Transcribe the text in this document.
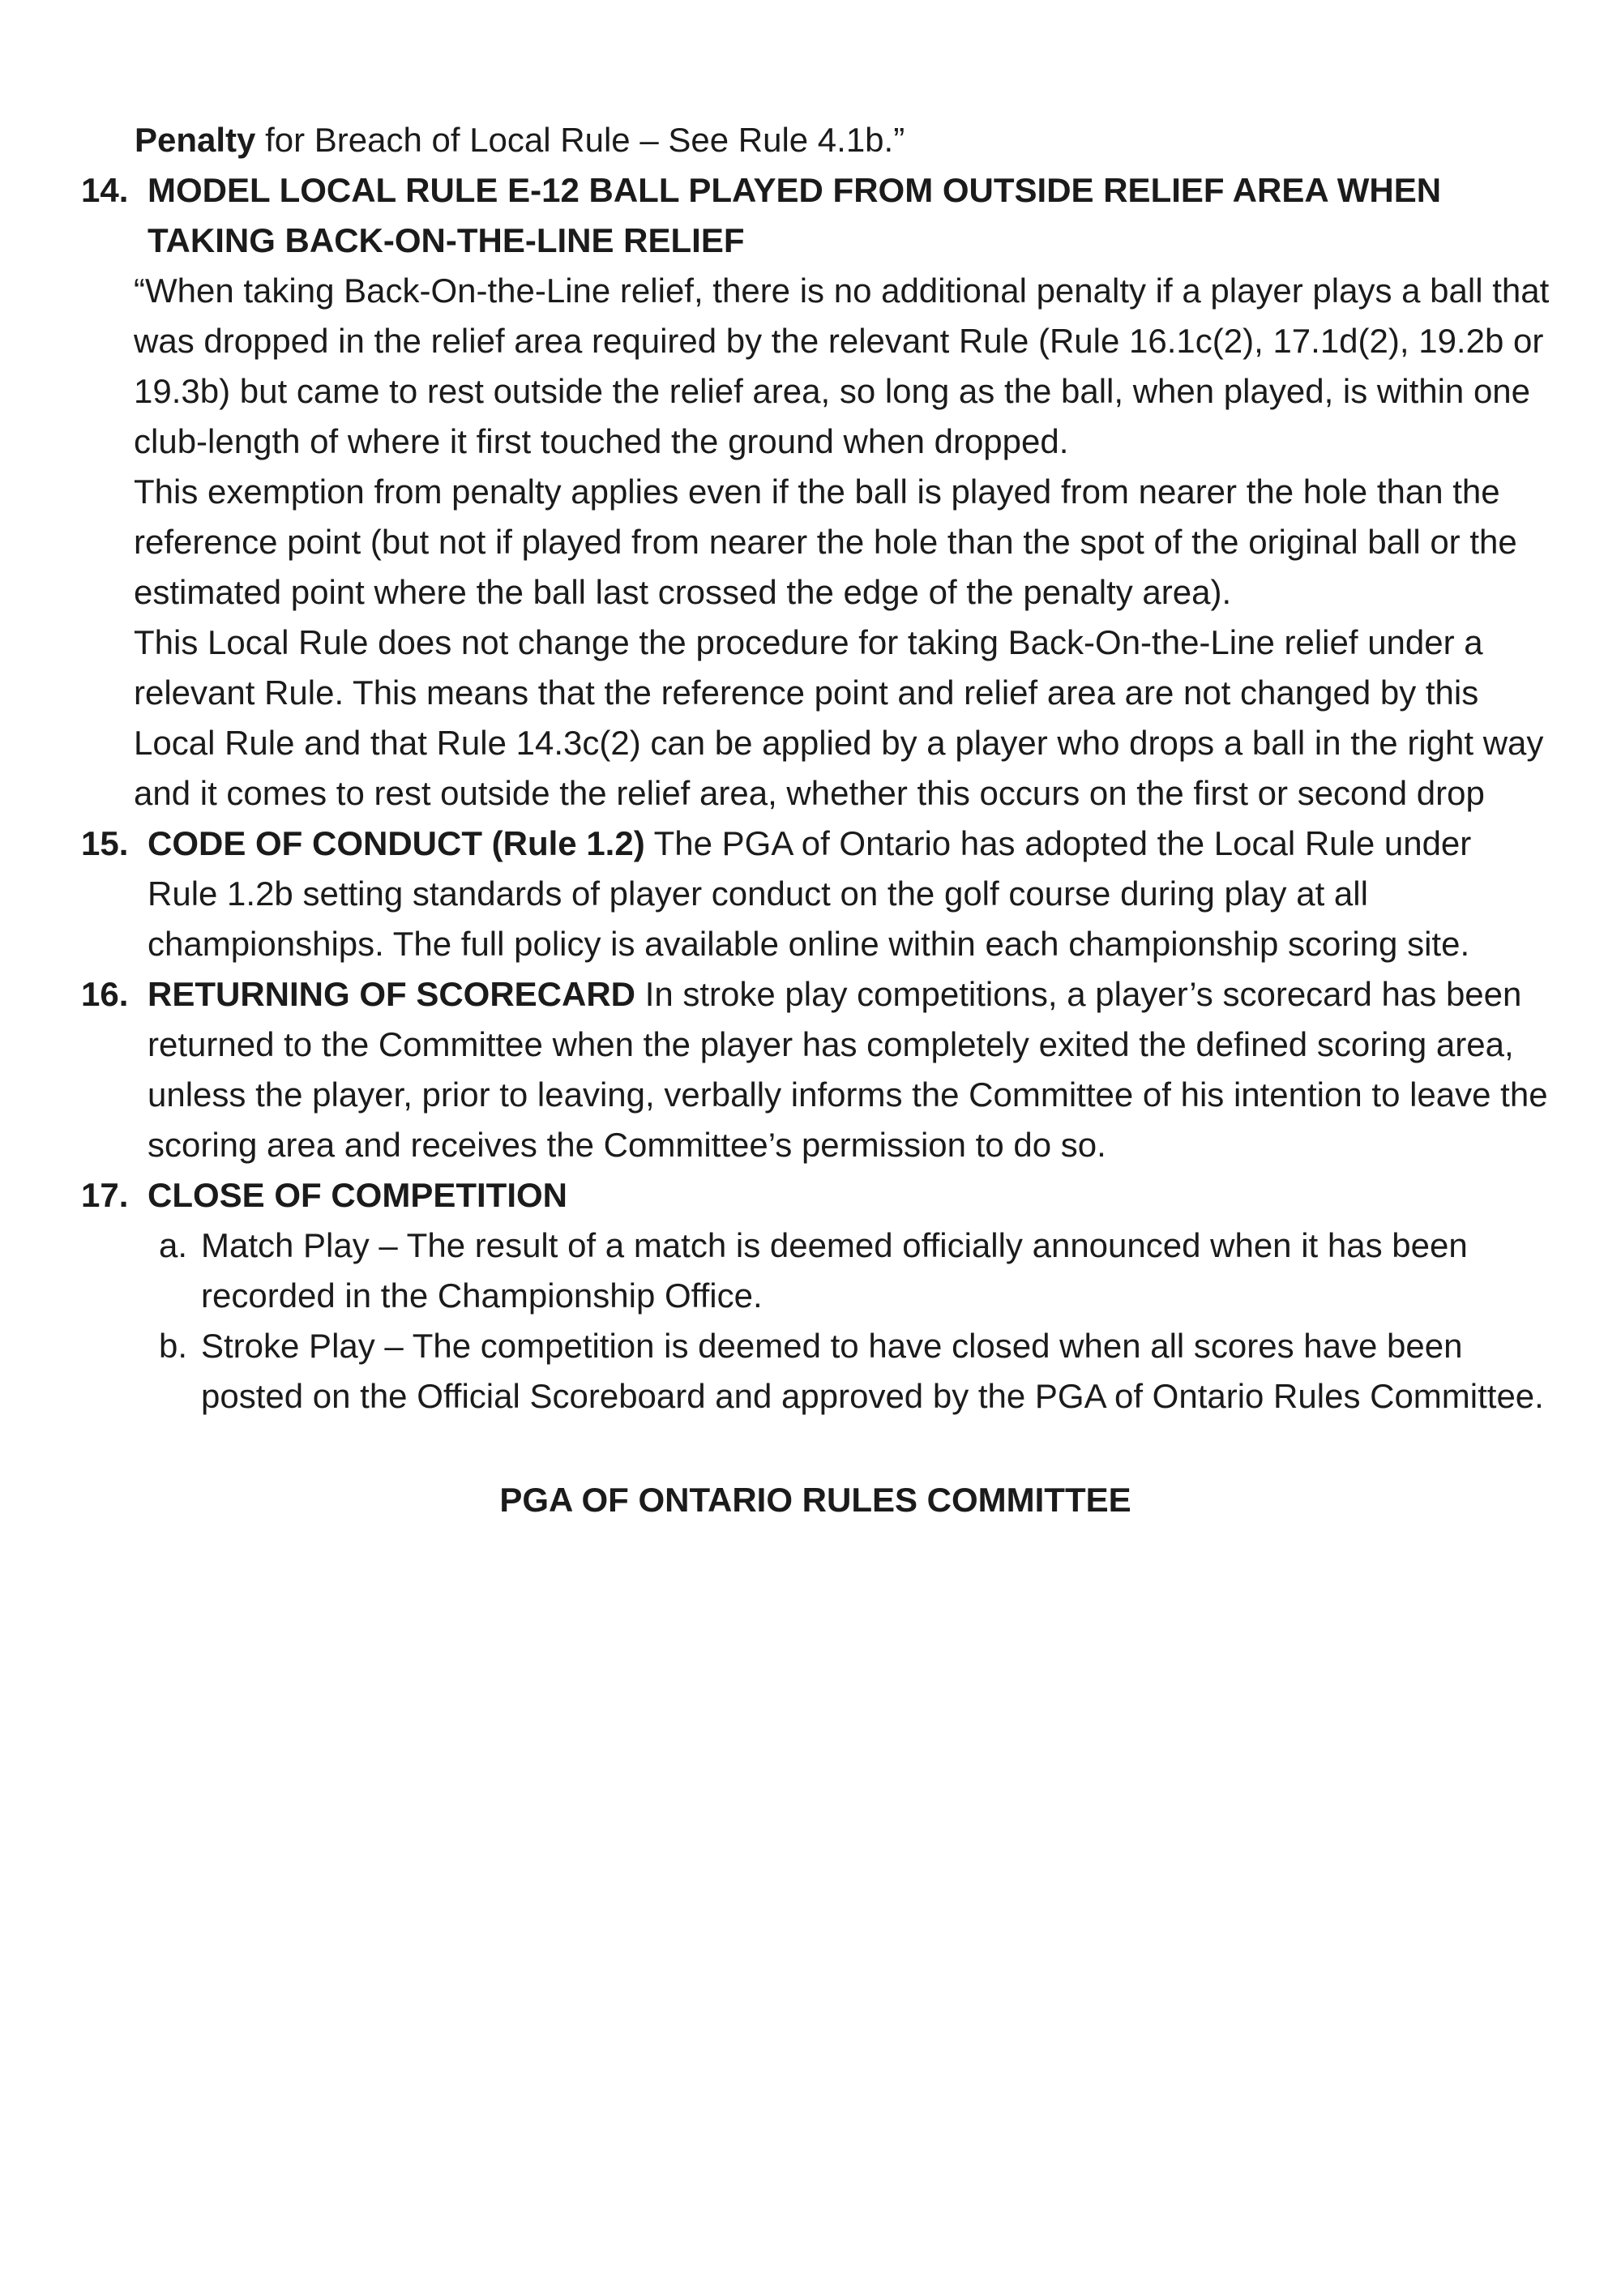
Penalty for Breach of Local Rule – See Rule 4.1b.”

14. MODEL LOCAL RULE E-12 BALL PLAYED FROM OUTSIDE RELIEF AREA WHEN TAKING BACK-ON-THE-LINE RELIEF

“When taking Back-On-the-Line relief, there is no additional penalty if a player plays a ball that was dropped in the relief area required by the relevant Rule (Rule 16.1c(2), 17.1d(2), 19.2b or 19.3b) but came to rest outside the relief area, so long as the ball, when played, is within one club-length of where it first touched the ground when dropped.

This exemption from penalty applies even if the ball is played from nearer the hole than the reference point (but not if played from nearer the hole than the spot of the original ball or the estimated point where the ball last crossed the edge of the penalty area).

This Local Rule does not change the procedure for taking Back-On-the-Line relief under a relevant Rule. This means that the reference point and relief area are not changed by this Local Rule and that Rule 14.3c(2) can be applied by a player who drops a ball in the right way and it comes to rest outside the relief area, whether this occurs on the first or second drop

15. CODE OF CONDUCT (Rule 1.2) The PGA of Ontario has adopted the Local Rule under Rule 1.2b setting standards of player conduct on the golf course during play at all championships. The full policy is available online within each championship scoring site.
16. RETURNING OF SCORECARD In stroke play competitions, a player’s scorecard has been returned to the Committee when the player has completely exited the defined scoring area, unless the player, prior to leaving, verbally informs the Committee of his intention to leave the scoring area and receives the Committee’s permission to do so.
17. CLOSE OF COMPETITION
a. Match Play – The result of a match is deemed officially announced when it has been recorded in the Championship Office.
b. Stroke Play – The competition is deemed to have closed when all scores have been posted on the Official Scoreboard and approved by the PGA of Ontario Rules Committee.
PGA OF ONTARIO RULES COMMITTEE
